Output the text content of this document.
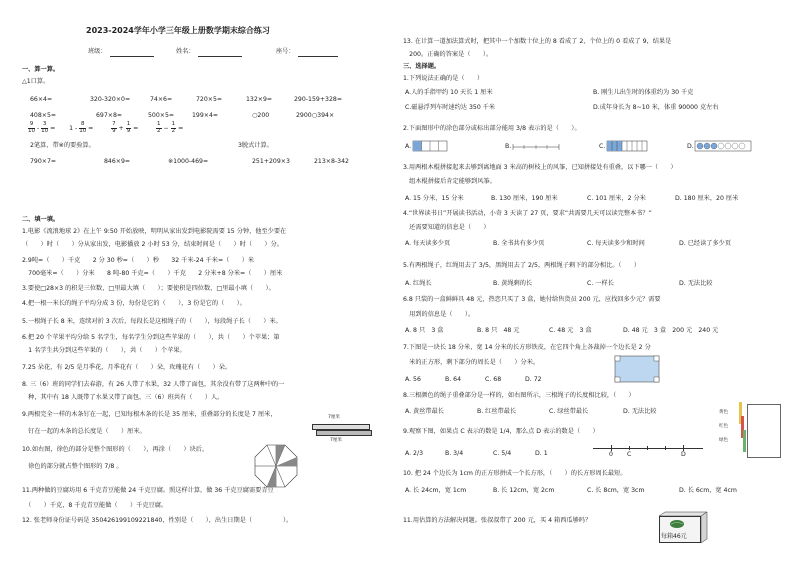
2023-2024学年小学三年级上册数学期末综合练习
班级：	姓名：	座号：
一、算一算。
△1口算。
66×4=	320-320×0=	74×6=	720×5=	132×9=	290-159+328=
408×5≈	697×8≈	500×5=	199×4≈	○200	2900○394×
$\frac{9}{10} - \frac{3}{10}$ =       $1 - \frac{8}{10} = \frac{7}{9} + \frac{1}{9} = \frac{1}{2} - \frac{1}{2}$ =
2笔算，带※的要验算。	3脱式计算。
790×7=	846×9=	※1000-469=	251+209×3	213×8-342
二、填一填。
1.电影《流浪地球 2》在上午 9:50 开始放映，明明从家出发到电影院需要 15 分钟，他至少要在
（　　）时（　　）分从家出发，电影播放 2 小时 53 分，结束时间是（　　）时（　　）分。
2.9吨=（　　）千克　　2 分 30 秒=（　　）秒　　32 千米-24 千米=（　　）米
　700毫米=（　　）分米　　8 吨-80 千克=（　　）千克　　2 分米+8 分米=（　　）厘米
3.要使□28×3 的积是三位数，□里最大填（　　）；要使积是四位数，□里最小填（　　）。
4.把一根一米长的绳子平均分成 3 份，每份是它的（　　），3 份是它的（　　）。
5.一根绳子长 8 米，连续对折 3 次后，每段长是这根绳子的（　　），每段绳子长（　　）米。
6.把 20 个苹果平均分给 5 名学生，每名学生分到这些苹果的（　　），共（　　）个苹果；第
　1 名学生共分到这些苹果的（　　），共（　　）个苹果。
7.25 朵花，有 2/5 是月季花，月季花有（　　）朵，玫瑰花有（　　）朵。
8. 三（6）班的同学们去春游，有 26 人带了水果，32 人带了面包，其余没有带了这两种中的一
　种，其中有 18 人既带了水果又带了面包，三（6）班共有（　　）人。
9.两根完全一样的木条钉在一起，已知每根木条的长是 35 厘米，重叠部分的长度是 7 厘米，
　钉在一起的木条的总长度是（　　）厘米。
10.如右图，徐色的部分是整个图形的（　　），再涂（　　）块后，
　徐色的部分就占整个图形的 7/8 。
11.两种做的豆腐坊用 6 千克青豆能做 24 千克豆腐。照这样计算，做 36 千克豆腐需要青豆
　（　　）千克，8 千克青豆能做（　　）千克豆腐。
12. 张老师身份证号码是 350426199109221840，性别是（　　），出生日期是（　　　　　）。
7厘米
7厘米
13. 在计算一道加法算式时，把其中一个加数十位上的 8 看成了 2，个位上的 0 看成了 9，结果是
　200。正确的答案是（　　）。
三、选择题。
1.下列说法正确的是（　　）
A.人的手指甲约 10 天长 1 厘米	B. 刚生儿出生时的体重约为 30 千克
C.磁悬浮列车时速约达 350 千米	D.成年身长为 8~10 米，体重 90000 克左右
2.下面图形中的涂色部分或标出部分能用 3/8 表示的是（　　）。
A.	B.	C.	D.
3.用两根木棍拼接起来去够到离地面 3 米高的树枝上的风筝，已知拼接处有重叠，以下哪一（　　）
　组木棍拼接后肯定能够到风筝。
A. 15 分米，15 分米	B. 130 厘米，190 厘米	C. 101 厘米，2 分米	D. 180 厘米，20 厘米
4.“世界读书日”开展读书活动，小奇 3 天读了 27 页，要求“共需要几天可以读完整本书？”
　还需要知道的信息是（　　）
A. 每天读多少页	B. 全书共有多少页	C. 每天读多少和时间	D. 已经读了多少页
5.有两根绳子，红绳用去了 3/5，黑绳用去了 2/5，两根绳子剩下的部分相比。（　　）
A. 红绳长	B. 黄绳剩的长	C. 一样长	D. 无法比较
6.8 只装的一盒鲜鲜具 48 元，热恋只买了 3 盒，她付给售货员 200 元，应找回多少元？需要
　用到的信息是（　　）。
A. 8 只　3 盒	B. 8 只　48 元	C. 48 元　3 盒	D. 48 元　3 盒　200 元　240 元
7.下图是一块长 18 分米，宽 14 分米的长方形铁皮，在它四个角上各裁掉一个边长是 2 分
　米的正方形，剩下部分的周长是（　　）分米。
A. 56	B. 64	C. 68	D. 72
8.三根颜色的绳子重叠部分是一样的，如右图所示，三根绳子的长度相比较，（　　）
A. 黄丝带最长	B. 红丝带最长	C. 绿丝带最长	D. 无法比较	黄色
红色
绿色
9.观察下图，如果点 C 表示的数是 1/4，那么点 D 表示的数是（　　）
A. 2/3	B. 3/4	C. 5/4	D. 1	0 C	D
10. 把 24 个边长为 1cm 的正方形拼成一个长方形，（　　）的长方形周长最短。
A. 长 24cm，宽 1cm	B. 长 12cm，宽 2cm	C. 长 8cm，宽 3cm	D. 长 6cm，宽 4cm
11.用估算的方法解决问题。张叔叔带了 200 元，买 4 箱西瓜够吗？
每箱46元
